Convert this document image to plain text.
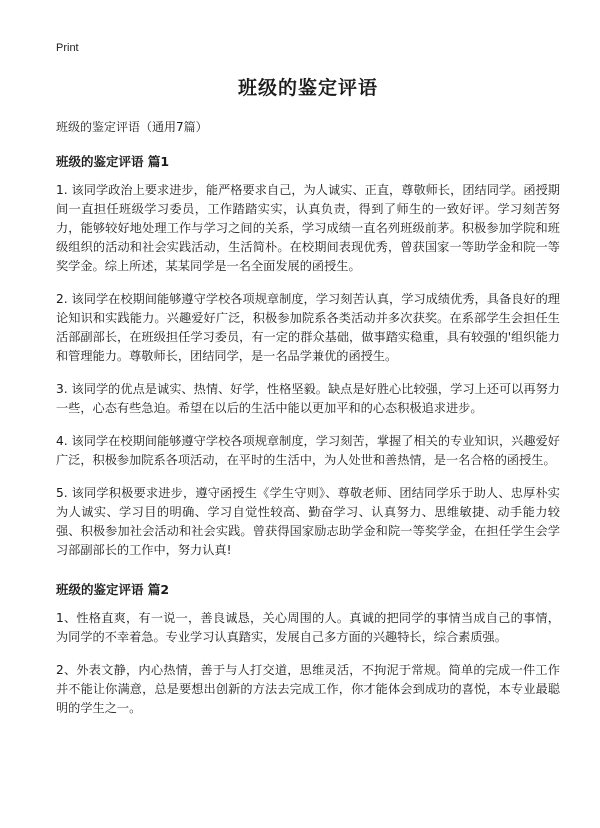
Print
班级的鉴定评语
班级的鉴定评语（通用7篇）
班级的鉴定评语 篇1

1. 该同学政治上要求进步，能严格要求自己，为人诚实、正直，尊敬师长，团结同学。函授期间一直担任班级学习委员，工作踏踏实实，认真负责，得到了师生的一致好评。学习刻苦努力，能够较好地处理工作与学习之间的关系，学习成绩一直名列班级前茅。积极参加学院和班级组织的活动和社会实践活动，生活简朴。在校期间表现优秀，曾获国家一等助学金和院一等奖学金。综上所述，某某同学是一名全面发展的函授生。

2. 该同学在校期间能够遵守学校各项规章制度，学习刻苦认真，学习成绩优秀，具备良好的理论知识和实践能力。兴趣爱好广泛，积极参加院系各类活动并多次获奖。在系部学生会担任生活部副部长，在班级担任学习委员，有一定的群众基础，做事踏实稳重，具有较强的'组织能力和管理能力。尊敬师长，团结同学，是一名品学兼优的函授生。

3. 该同学的优点是诚实、热情、好学，性格坚毅。缺点是好胜心比较强，学习上还可以再努力一些，心态有些急迫。希望在以后的生活中能以更加平和的心态积极追求进步。

4. 该同学在校期间能够遵守学校各项规章制度，学习刻苦，掌握了相关的专业知识，兴趣爱好广泛，积极参加院系各项活动，在平时的生活中，为人处世和善热情，是一名合格的函授生。

5. 该同学积极要求进步，遵守函授生《学生守则》、尊敬老师、团结同学乐于助人、忠厚朴实为人诚实、学习目的明确、学习自觉性较高、勤奋学习、认真努力、思维敏捷、动手能力较强、积极参加社会活动和社会实践。曾获得国家励志助学金和院一等奖学金，在担任学生会学习部副部长的工作中，努力认真!

班级的鉴定评语 篇2

1、性格直爽，有一说一，善良诚恳，关心周围的人。真诚的把同学的事情当成自己的事情，为同学的不幸着急。专业学习认真踏实，发展自己多方面的兴趣特长，综合素质强。

2、外表文静，内心热情，善于与人打交道，思维灵活，不拘泥于常规。简单的完成一件工作并不能让你满意，总是要想出创新的方法去完成工作，你才能体会到成功的喜悦，本专业最聪明的学生之一。
